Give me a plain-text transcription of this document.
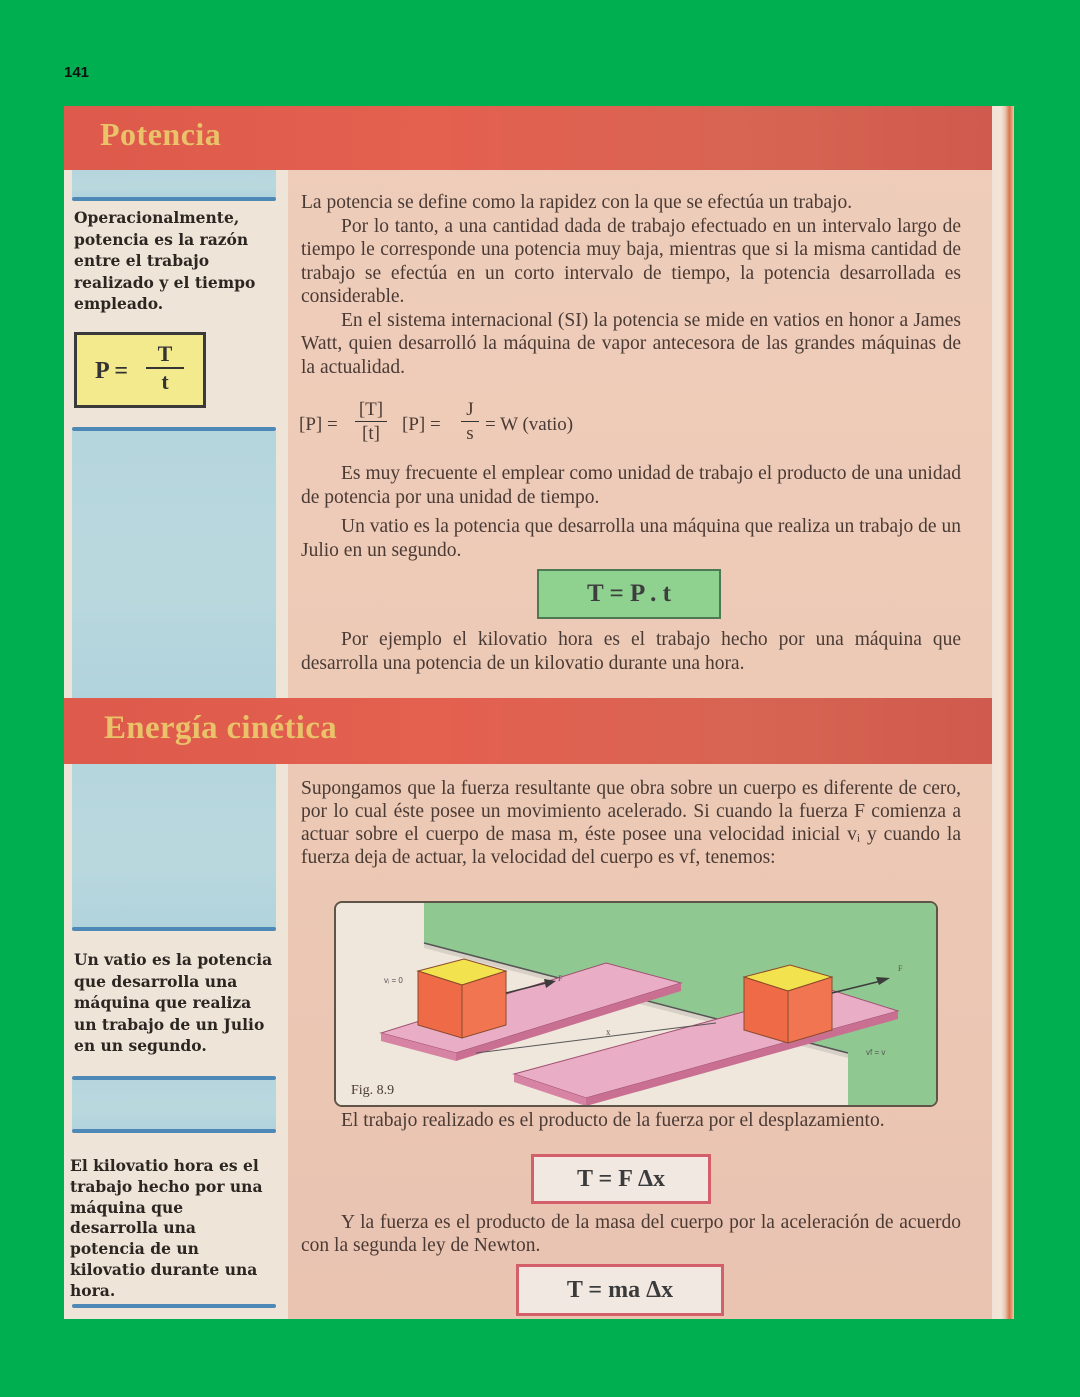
141
Potencia
Operacionalmente, potencia es la razón entre el trabajo realizado y el tiempo empleado.
P =
T
t

La potencia se define como la rapidez con la que se efectúa un trabajo.

Por lo tanto, a una cantidad dada de trabajo efectuado en un intervalo largo de tiempo le corresponde una potencia muy baja, mientras que si la misma cantidad de trabajo se efectúa en un corto intervalo de tiempo, la potencia desarrollada es considerable.

En el sistema internacional (SI) la potencia se mide en vatios en honor a James Watt, quien desarrolló la máquina de vapor antecesora de las grandes máquinas de la actualidad.

[P] =
[T]
[t] [P] =
J
s = W (vatio)

Es muy frecuente el emplear como unidad de trabajo el producto de una unidad de potencia por una unidad de tiempo.

Un vatio es la potencia que desarrolla una máquina que realiza un trabajo de un Julio en un segundo.

T = P . t

Por ejemplo el kilovatio hora es el trabajo hecho por una máquina que desarrolla una potencia de un kilovatio durante una hora.

Energía cinética
Un vatio es la potencia que desarrolla una máquina que realiza un trabajo de un Julio en un segundo.
El kilovatio hora es el trabajo hecho por una máquina que desarrolla una potencia de un kilovatio durante una hora.

Supongamos que la fuerza resultante que obra sobre un cuerpo es diferente de cero, por lo cual éste posee un movimiento acelerado. Si cuando la fuerza F comienza a actuar sobre el cuerpo de masa m, éste posee una velocidad inicial vᵢ y cuando la fuerza deja de actuar, la velocidad del cuerpo es vf, tenemos:

x
vᵢ = 0	F
F
vf = v
Fig. 8.9

El trabajo realizado es el producto de la fuerza por el desplazamiento.

T = F Δx

Y la fuerza es el producto de la masa del cuerpo por la aceleración de acuerdo con la segunda ley de Newton.

T = ma Δx
